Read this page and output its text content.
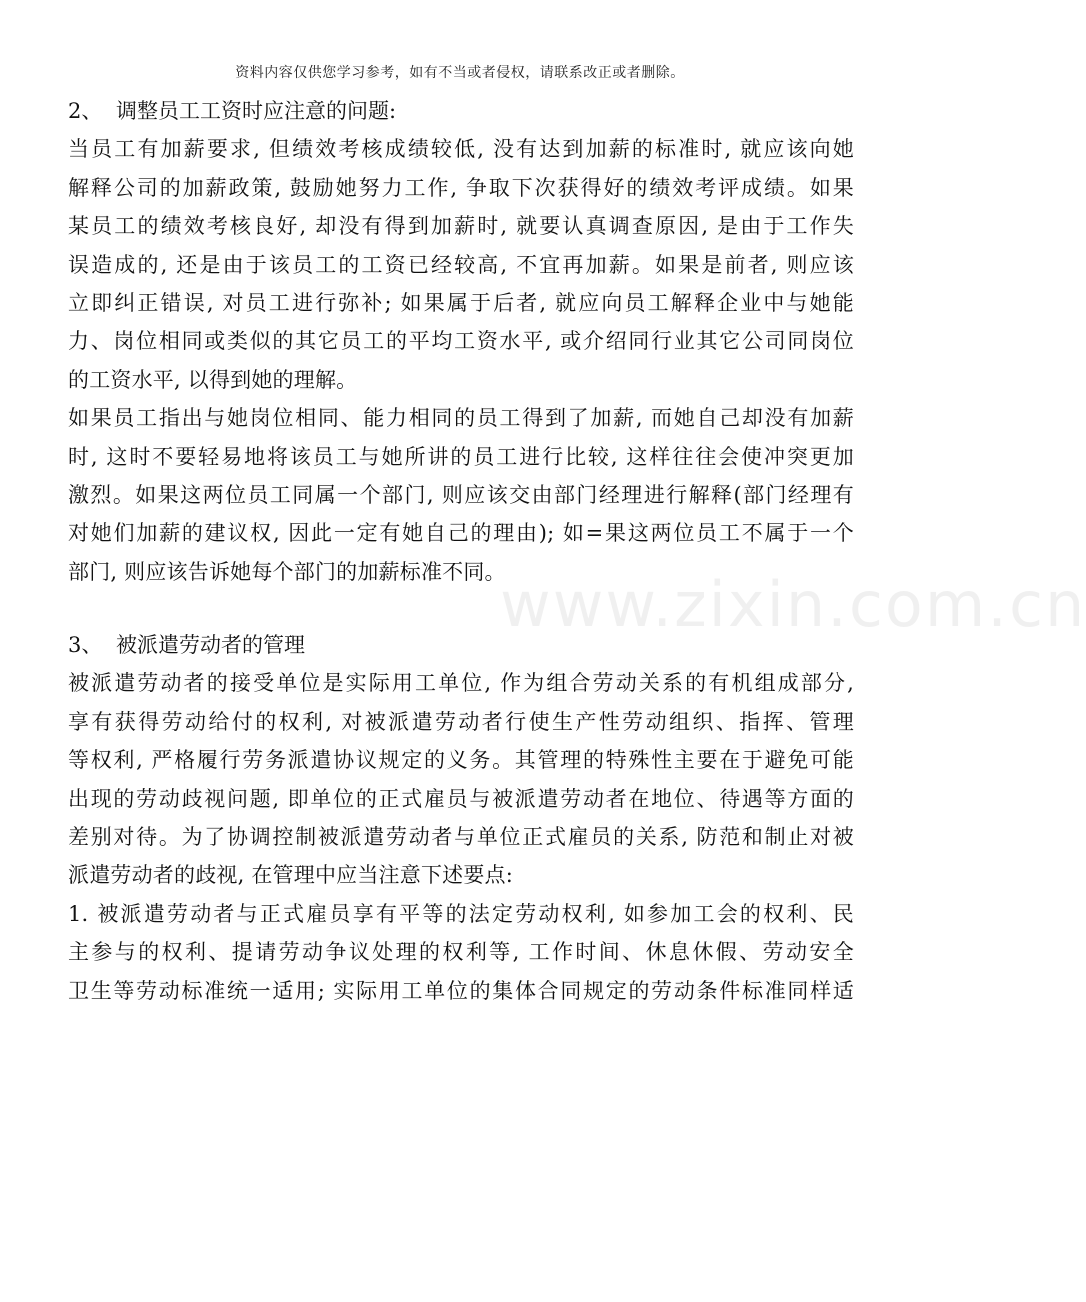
资料内容仅供您学习参考，如有不当或者侵权，请联系改正或者删除。
www.zixin.com.cn
2、 调整员工工资时应注意的问题:
当员工有加薪要求, 但绩效考核成绩较低, 没有达到加薪的标准时, 就应该向她
解释公司的加薪政策, 鼓励她努力工作, 争取下次获得好的绩效考评成绩。如果
某员工的绩效考核良好, 却没有得到加薪时, 就要认真调查原因, 是由于工作失
误造成的, 还是由于该员工的工资已经较高, 不宜再加薪。如果是前者, 则应该
立即纠正错误, 对员工进行弥补; 如果属于后者, 就应向员工解释企业中与她能
力、岗位相同或类似的其它员工的平均工资水平, 或介绍同行业其它公司同岗位
的工资水平, 以得到她的理解。
如果员工指出与她岗位相同、能力相同的员工得到了加薪, 而她自己却没有加薪
时, 这时不要轻易地将该员工与她所讲的员工进行比较, 这样往往会使冲突更加
激烈。如果这两位员工同属一个部门, 则应该交由部门经理进行解释(部门经理有
对她们加薪的建议权, 因此一定有她自己的理由); 如=果这两位员工不属于一个
部门, 则应该告诉她每个部门的加薪标准不同。
3、 被派遣劳动者的管理
被派遣劳动者的接受单位是实际用工单位, 作为组合劳动关系的有机组成部分,
享有获得劳动给付的权利, 对被派遣劳动者行使生产性劳动组织、指挥、管理
等权利, 严格履行劳务派遣协议规定的义务。其管理的特殊性主要在于避免可能
出现的劳动歧视问题, 即单位的正式雇员与被派遣劳动者在地位、待遇等方面的
差别对待。为了协调控制被派遣劳动者与单位正式雇员的关系, 防范和制止对被
派遣劳动者的歧视, 在管理中应当注意下述要点:
1. 被派遣劳动者与正式雇员享有平等的法定劳动权利, 如参加工会的权利、民
主参与的权利、提请劳动争议处理的权利等, 工作时间、休息休假、劳动安全
卫生等劳动标准统一适用; 实际用工单位的集体合同规定的劳动条件标准同样适
